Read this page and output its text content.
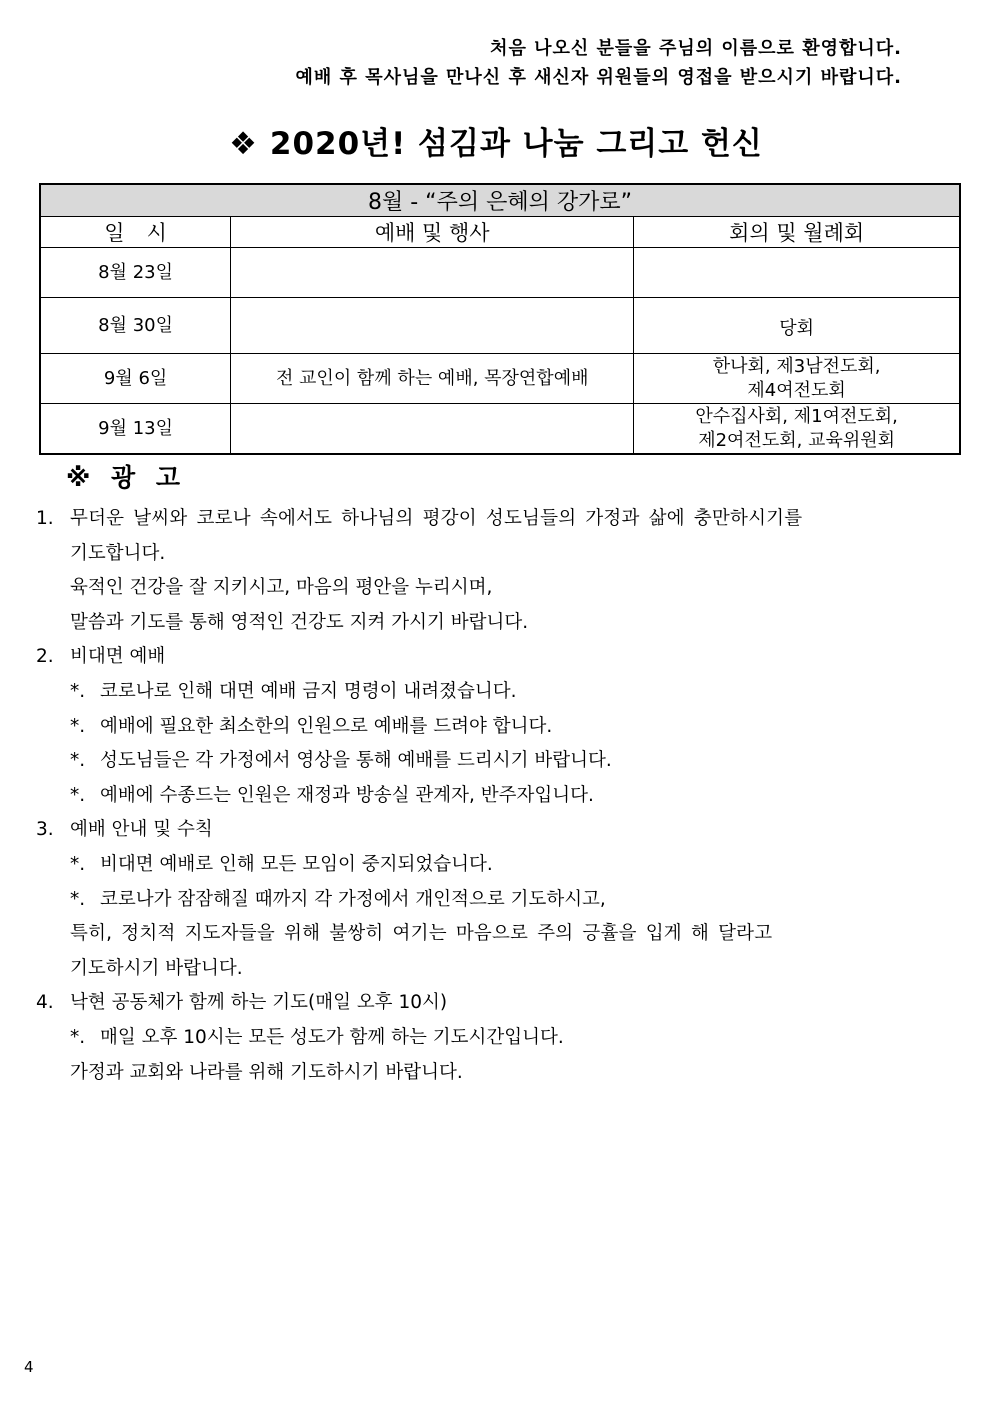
처음 나오신 분들을 주님의 이름으로 환영합니다.
예배 후 목사님을 만나신 후 새신자 위원들의 영접을 받으시기 바랍니다.
❖ 2020년! 섬김과 나눔 그리고 헌신
8월 - “주의 은혜의 강가로”		
일시	예배 및 행사	회의 및 월례회
8월 23일		
8월 30일		당회
9월 6일	전 교인이 함께 하는 예배, 목장연합예배	한나회, 제3남전도회,
제4여전도회

9월 13일		안수집사회, 제1여전도회,
제2여전도회, 교육위원회
※ 광 고
1. 무더운 날씨와 코로나 속에서도 하나님의 평강이 성도님들의 가정과 삶에 충만하시기를
기도합니다.
육적인 건강을 잘 지키시고, 마음의 평안을 누리시며,
말씀과 기도를 통해 영적인 건강도 지켜 가시기 바랍니다.
2. 비대면 예배
*. 코로나로 인해 대면 예배 금지 명령이 내려졌습니다.
*. 예배에 필요한 최소한의 인원으로 예배를 드려야 합니다.
*. 성도님들은 각 가정에서 영상을 통해 예배를 드리시기 바랍니다.
*. 예배에 수종드는 인원은 재정과 방송실 관계자, 반주자입니다.
3. 예배 안내 및 수칙
*. 비대면 예배로 인해 모든 모임이 중지되었습니다.
*. 코로나가 잠잠해질 때까지 각 가정에서 개인적으로 기도하시고,
특히, 정치적 지도자들을 위해 불쌍히 여기는 마음으로 주의 긍휼을 입게 해 달라고
기도하시기 바랍니다.
4. 낙현 공동체가 함께 하는 기도(매일 오후 10시)
*. 매일 오후 10시는 모든 성도가 함께 하는 기도시간입니다.
가정과 교회와 나라를 위해 기도하시기 바랍니다.
4
